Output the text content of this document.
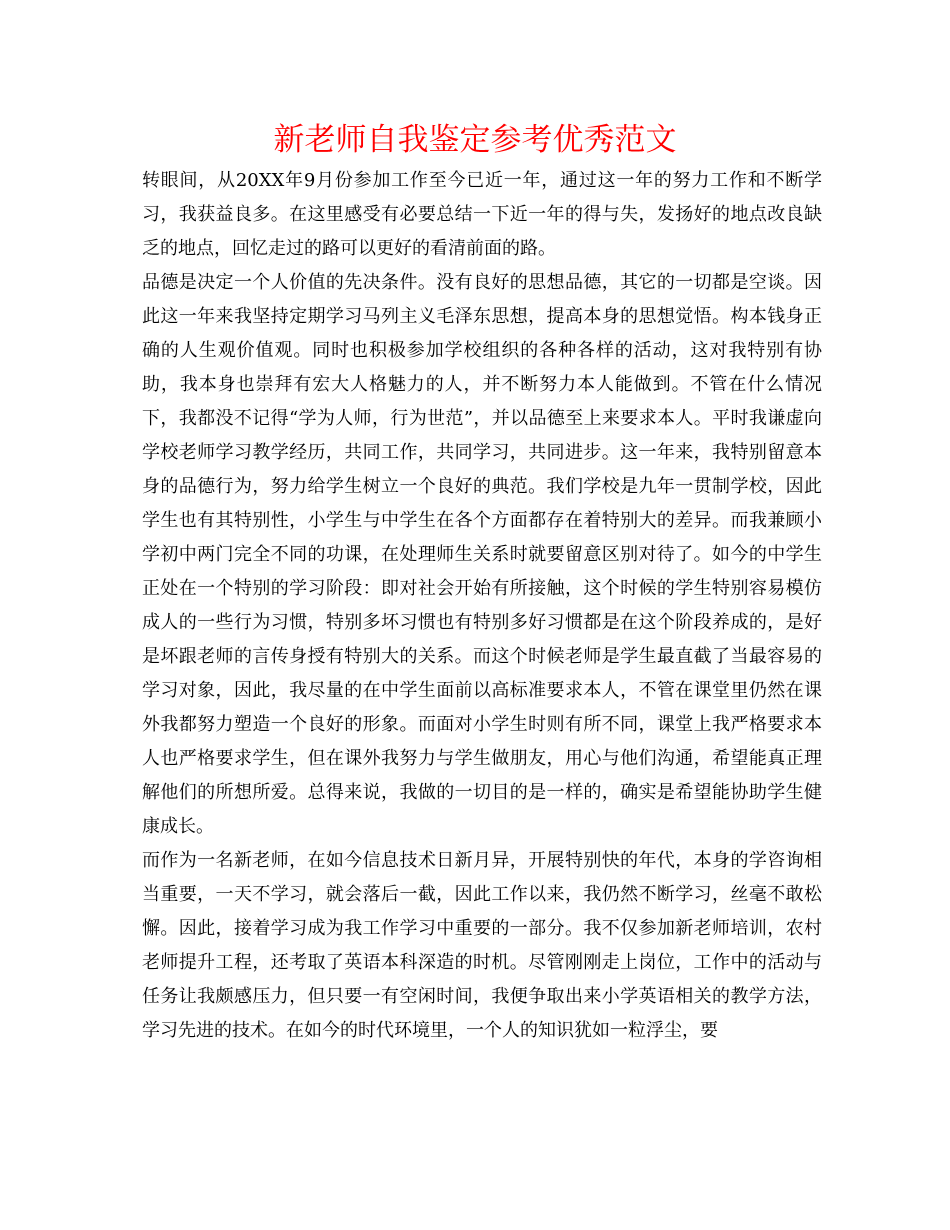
新老师自我鉴定参考优秀范文

转眼间，从20XX年9月份参加工作至今已近一年，通过这一年的努力工作和不断学习，我获益良多。在这里感受有必要总结一下近一年的得与失，发扬好的地点改良缺乏的地点，回忆走过的路可以更好的看清前面的路。

品德是决定一个人价值的先决条件。没有良好的思想品德，其它的一切都是空谈。因此这一年来我坚持定期学习马列主义毛泽东思想，提高本身的思想觉悟。构本钱身正确的人生观价值观。同时也积极参加学校组织的各种各样的活动，这对我特别有协助，我本身也崇拜有宏大人格魅力的人，并不断努力本人能做到。不管在什么情况下，我都没不记得“学为人师，行为世范”，并以品德至上来要求本人。平时我谦虚向学校老师学习教学经历，共同工作，共同学习，共同进步。这一年来，我特别留意本身的品德行为，努力给学生树立一个良好的典范。我们学校是九年一贯制学校，因此学生也有其特别性，小学生与中学生在各个方面都存在着特别大的差异。而我兼顾小学初中两门完全不同的功课，在处理师生关系时就要留意区别对待了。如今的中学生正处在一个特别的学习阶段：即对社会开始有所接触，这个时候的学生特别容易模仿成人的一些行为习惯，特别多坏习惯也有特别多好习惯都是在这个阶段养成的，是好是坏跟老师的言传身授有特别大的关系。而这个时候老师是学生最直截了当最容易的学习对象，因此，我尽量的在中学生面前以高标准要求本人，不管在课堂里仍然在课外我都努力塑造一个良好的形象。而面对小学生时则有所不同，课堂上我严格要求本人也严格要求学生，但在课外我努力与学生做朋友，用心与他们沟通，希望能真正理解他们的所想所爱。总得来说，我做的一切目的是一样的，确实是希望能协助学生健康成长。

而作为一名新老师，在如今信息技术日新月异，开展特别快的年代，本身的学咨询相当重要，一天不学习，就会落后一截，因此工作以来，我仍然不断学习，丝毫不敢松懈。因此，接着学习成为我工作学习中重要的一部分。我不仅参加新老师培训，农村老师提升工程，还考取了英语本科深造的时机。尽管刚刚走上岗位，工作中的活动与任务让我颇感压力，但只要一有空闲时间，我便争取出来小学英语相关的教学方法，学习先进的技术。在如今的时代环境里，一个人的知识犹如一粒浮尘，要
